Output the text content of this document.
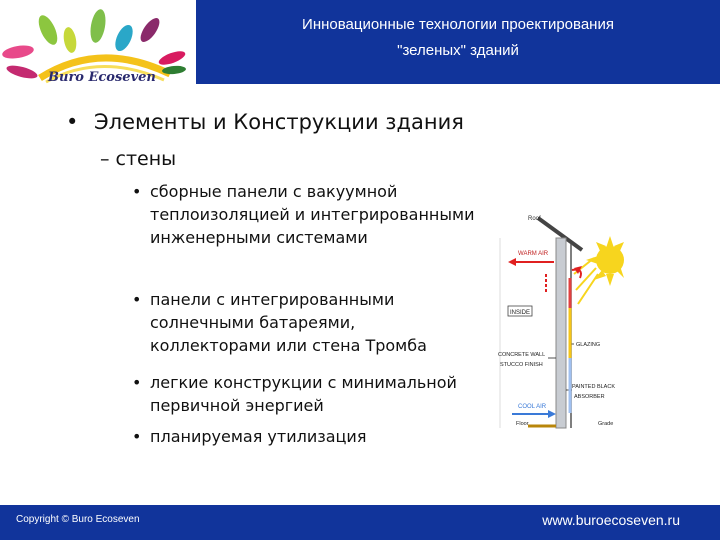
Buro Ecoseven
Инновационные технологии проектирования
"зеленых" зданий
• Элементы и Конструкции здания
– стены
• сборные панели с вакуумной теплоизоляцией и интегрированными инженерными системами
• панели с интегрированными солнечными батареями, коллекторами или стена Тромба
• легкие конструкции с минимальной первичной энергией
• планируемая утилизация
Roof
WARM AIR
INSIDE
GLAZING
CONCRETE WALL
STUCCO FINISH
PAINTED BLACK
ABSORBER
COOL AIR
Floor	Grade
Copyright © Buro Ecoseven	www.buroecoseven.ru
